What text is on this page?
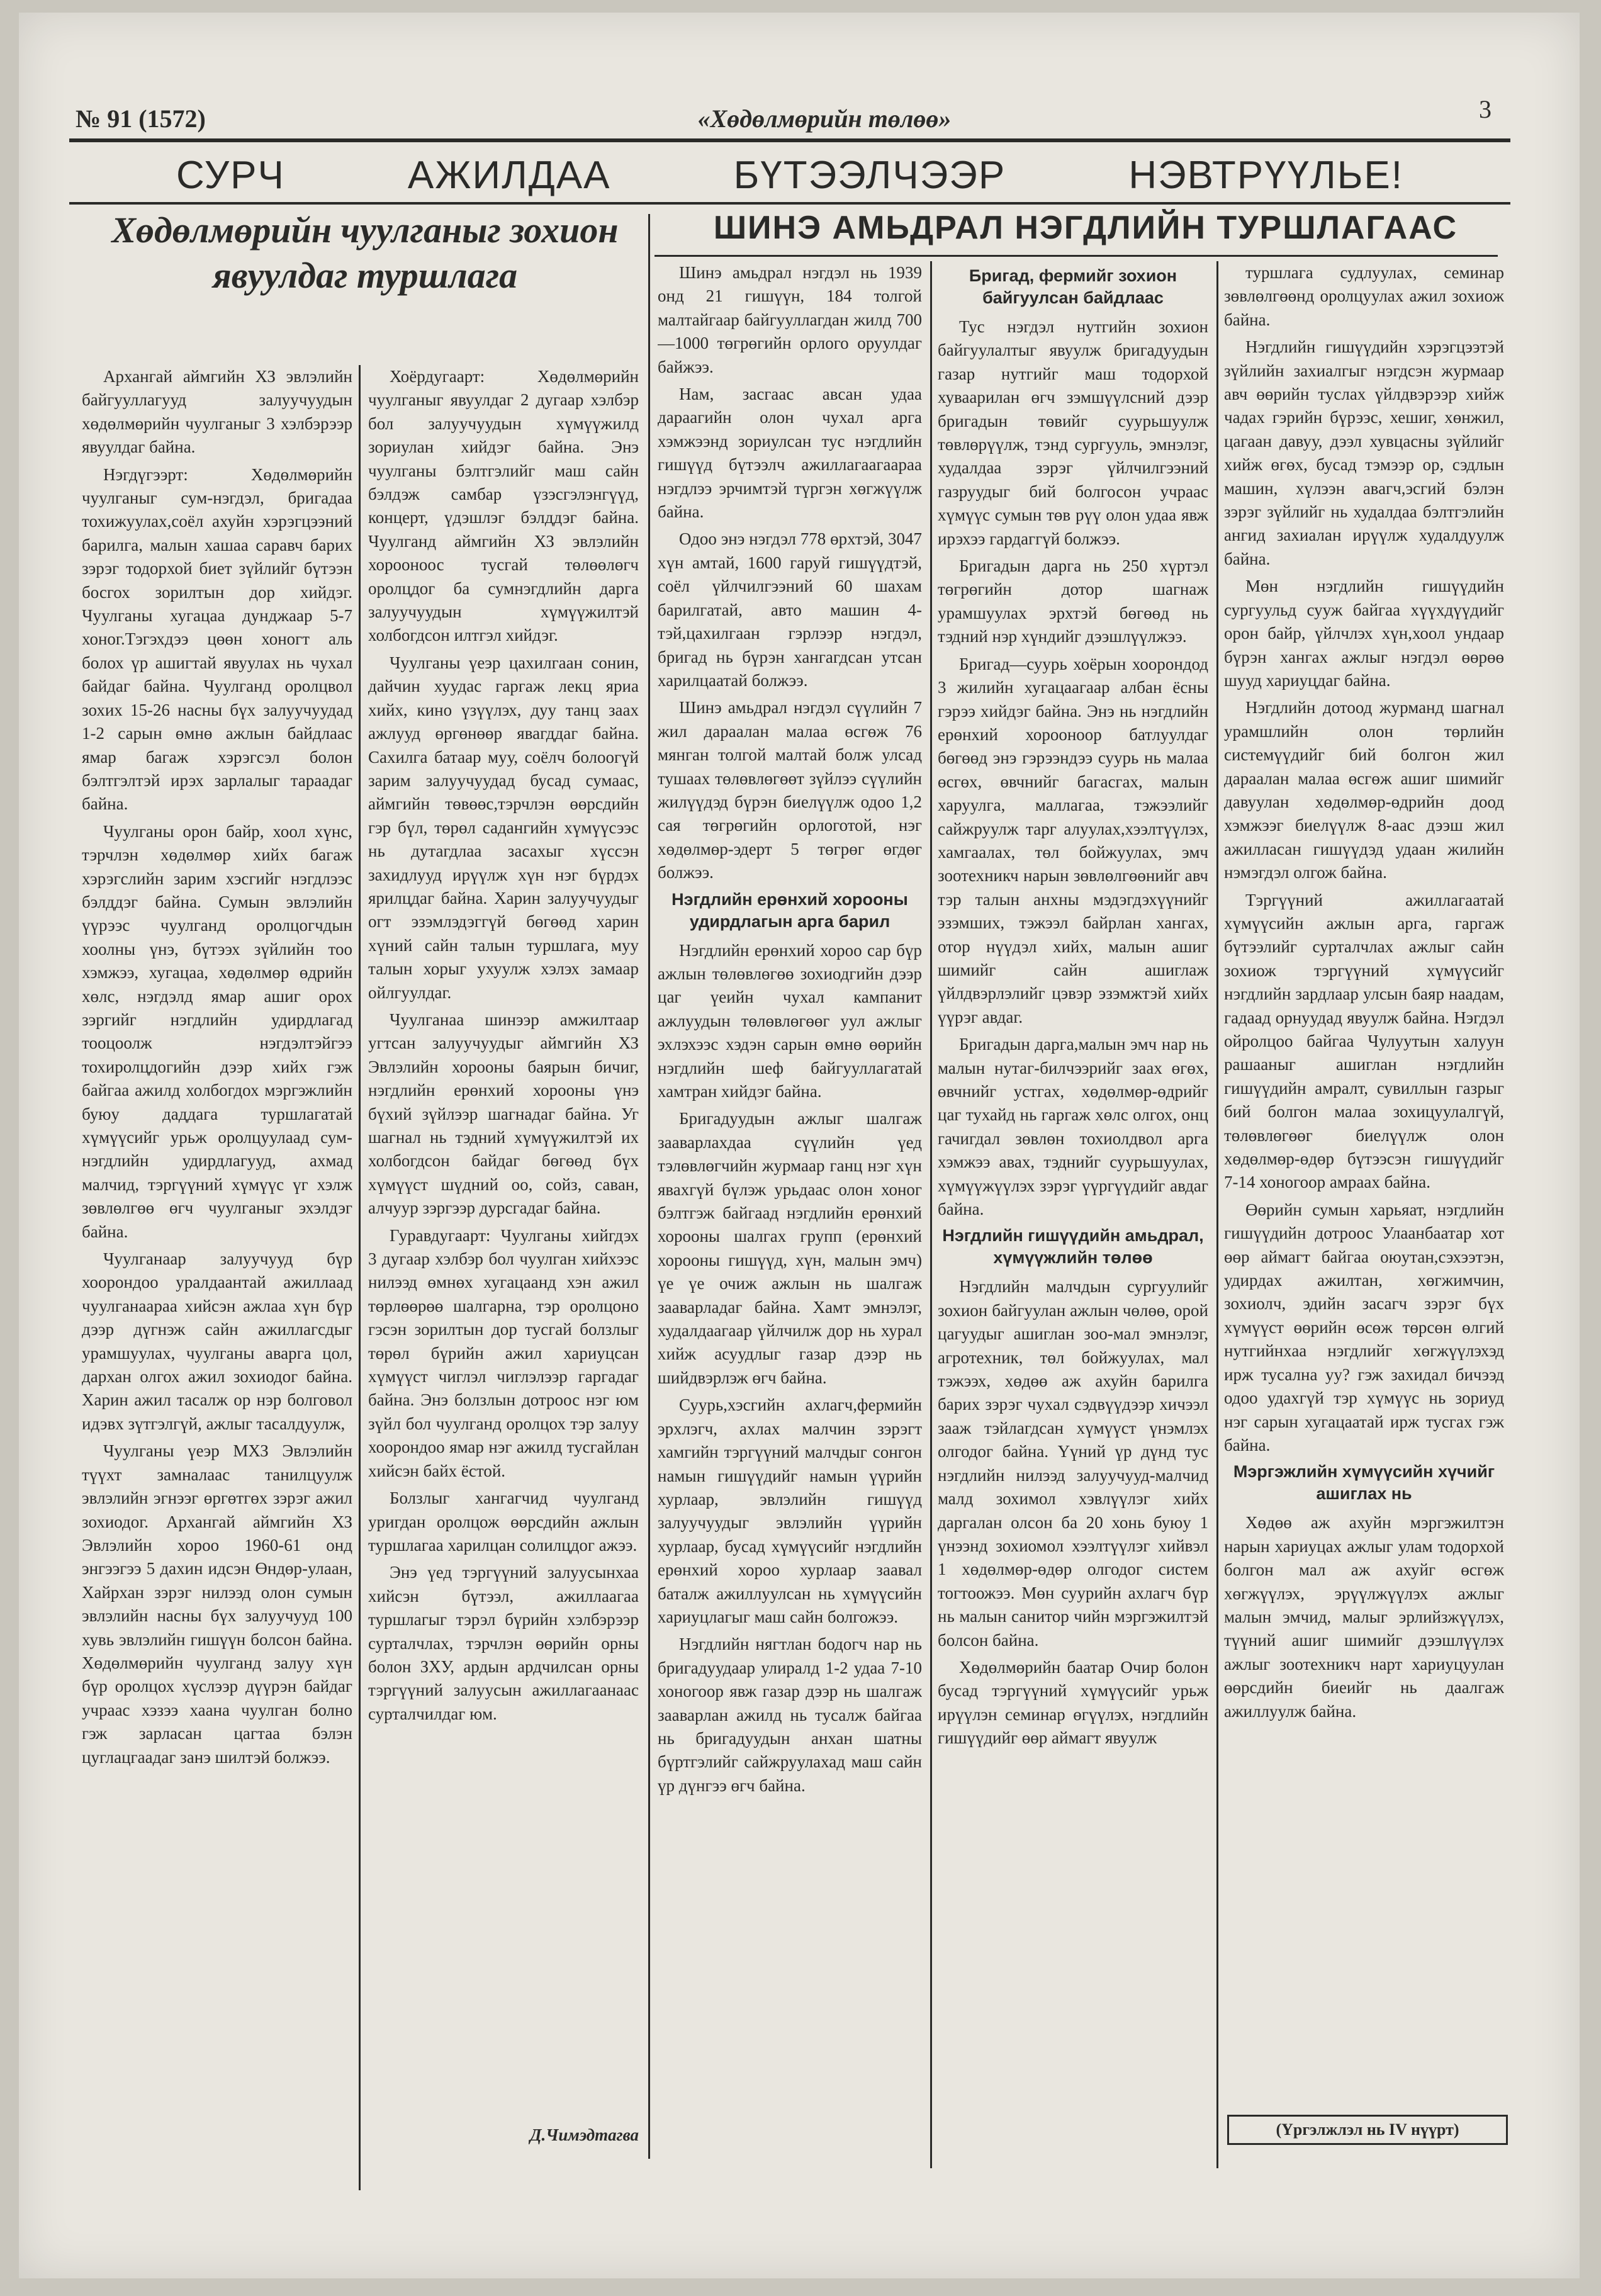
№ 91 (1572)	«Хөдөлмөрийн төлөө»	3
СУРЧ	АЖИЛДАА	БҮТЭЭЛЧЭЭР	НЭВТРҮҮЛЬЕ!
Хөдөлмөрийн чуулганыг зохион явуулдаг туршлага

Архангай аймгийн ХЗ эвлэлийн байгууллагууд залуучуудын хөдөлмөрийн чуулганыг 3 хэлбэрээр явуулдаг байна.

Нэгдүгээрт: Хөдөлмөрийн чуулганыг сум-нэгдэл, бригадаа тохижуулах,соёл ахуйн хэрэгцээний барилга, малын хашаа саравч барих зэрэг тодорхой биет зүйлийг бүтээн босгох зорилтын дор хийдэг. Чуулганы хугацаа дунджаар 5-7 хоног.Тэгэхдээ цөөн хоногт аль болох үр ашигтай явуулах нь чухал байдаг байна. Чуулганд оролцвол зохих 15-26 насны бүх залуучуудад 1-2 сарын өмнө ажлын байдлаас ямар багаж хэрэгсэл болон бэлтгэлтэй ирэх зарлалыг тараадаг байна.

Чуулганы орон байр, хоол хүнс, тэрчлэн хөдөлмөр хийх багаж хэрэгслийн зарим хэсгийг нэгдлээс бэлддэг байна. Сумын эвлэлийн үүрээс чуулганд оролцогчдын хоолны үнэ, бүтээх зүйлийн тоо хэмжээ, хугацаа, хөдөлмөр өдрийн хөлс, нэгдэлд ямар ашиг орох зэргийг нэгдлийн удирдлагад тооцоолж нэгдэлтэйгээ тохиролцдогийн дээр хийх гэж байгаа ажилд холбогдох мэргэжлийн буюу даддага туршлагатай хүмүүсийг урьж оролцуулаад сум-нэгдлийн удирдлагууд, ахмад малчид, тэргүүний хүмүүс үг хэлж зөвлөлгөө өгч чуулганыг эхэлдэг байна.

Чуулганаар залуучууд бүр хоорондоо уралдаантай ажиллаад чуулганаараа хийсэн ажлаа хүн бүр дээр дүгнэж сайн ажиллагсдыг урамшуулах, чуулганы аварга цол, дархан олгох ажил зохиодог байна. Харин ажил тасалж ор нэр болговол идэвх зүтгэлгүй, ажлыг тасалдуулж,

Чуулганы үеэр МХЗ Эвлэлийн түүхт замналаас танилцуулж эвлэлийн эгнээг өргөтгөх зэрэг ажил зохиодог. Архангай аймгийн ХЗ Эвлэлийн хороо 1960-61 онд энгээгээ 5 дахин идсэн Өндөр-улаан, Хайрхан зэрэг нилээд олон сумын эвлэлийн насны бүх залуучууд 100 хувь эвлэлийн гишүүн болсон байна. Хөдөлмөрийн чуулганд залуу хүн бүр оролцох хүслээр дүүрэн байдаг учраас хэзээ хаана чуулган болно гэж зарласан цагтаа бэлэн цуглацгаадаг занэ шилтэй болжээ.

Хоёрдугаарт: Хөдөлмөрийн чуулганыг явуулдаг 2 дугаар хэлбэр бол залуучуудын хүмүүжилд зориулан хийдэг байна. Энэ чуулганы бэлтгэлийг маш сайн бэлдэж самбар үзэсгэлэнгүүд, концерт, үдэшлэг бэлддэг байна. Чуулганд аймгийн ХЗ эвлэлийн хорооноос тусгай төлөөлөгч оролцдог ба сумнэгдлийн дарга залуучуудын хүмүүжилтэй холбогдсон илтгэл хийдэг.

Чуулганы үеэр цахилгаан сонин, дайчин хуудас гаргаж лекц яриа хийх, кино үзүүлэх, дуу танц заах ажлууд өргөнөөр явагддаг байна. Сахилга батаар муу, соёлч болоогүй зарим залуучуудад бусад сумаас, аймгийн төвөөс,тэрчлэн өөрсдийн гэр бүл, төрөл садангийн хүмүүсээс нь дутагдлаа засахыг хүссэн захидлууд ирүүлж хүн нэг бүрдэх ярилцдаг байна. Харин залуучуудыг огт эзэмлэдэггүй бөгөөд харин хүний сайн талын туршлага, муу талын хорыг ухуулж хэлэх замаар ойлгуулдаг.

Чуулганаа шинээр амжилтаар угтсан залуучуудыг аймгийн ХЗ Эвлэлийн хорооны баярын бичиг, нэгдлийн ерөнхий хорооны үнэ бүхий зүйлээр шагнадаг байна. Уг шагнал нь тэдний хүмүүжилтэй их холбогдсон байдаг бөгөөд бүх хүмүүст шүдний оо, сойз, саван, алчуур зэргээр дурсгадаг байна.

Гуравдугаарт: Чуулганы хийгдэх 3 дугаар хэлбэр бол чуулган хийхээс нилээд өмнөх хугацаанд хэн ажил төрлөөрөө шалгарна, тэр оролцоно гэсэн зорилтын дор тусгай болзлыг төрөл бүрийн ажил хариуцсан хүмүүст чиглэл чиглэлээр гаргадаг байна. Энэ болзлын дотроос нэг юм зүйл бол чуулганд оролцох тэр залуу хоорондоо ямар нэг ажилд тусгайлан хийсэн байх ёстой.

Болзлыг хангагчид чуулганд уригдан оролцож өөрсдийн ажлын туршлагаа харилцан солилцдог ажээ.

Энэ үед тэргүүний залуусынхаа хийсэн бүтээл, ажиллаагаа туршлагыг тэрэл бүрийн хэлбэрээр сурталчлах, тэрчлэн өөрийн орны болон ЗХУ, ардын ардчилсан орны тэргүүний залуусын ажиллагаанаас сурталчилдаг юм.

Д.Чимэдтагва

ШИНЭ АМЬДРАЛ НЭГДЛИЙН ТУРШЛАГААС

Шинэ амьдрал нэгдэл нь 1939 онд 21 гишүүн, 184 толгой малтайгаар байгууллагдан жилд 700—1000 төгрөгийн орлого оруулдаг байжээ.

Нам, засгаас авсан удаа дараагийн олон чухал арга хэмжээнд зориулсан тус нэгдлийн гишүүд бүтээлч ажиллагаагаараа нэгдлээ эрчимтэй түргэн хөгжүүлж байна.

Одоо энэ нэгдэл 778 өрхтэй, 3047 хүн амтай, 1600 гаруй гишүүдтэй, соёл үйлчилгээний 60 шахам барилгатай, авто машин 4-тэй,цахилгаан гэрлээр нэгдэл, бригад нь бүрэн хангагдсан утсан харилцаатай болжээ.

Шинэ амьдрал нэгдэл сүүлийн 7 жил дараалан малаа өсгөж 76 мянган толгой малтай болж улсад тушаах төлөвлөгөөт зүйлээ сүүлийн жилүүдэд бүрэн биелүүлж одоо 1,2 сая төгрөгийн орлоготой, нэг хөдөлмөр-эдерт 5 төгрөг өгдөг болжээ.

Нэгдлийн ерөнхий хорооны удирдлагын арга барил

Нэгдлийн ерөнхий хороо сар бүр ажлын төлөвлөгөө зохиодгийн дээр цаг үеийн чухал кампанит ажлуудын төлөвлөгөөг уул ажлыг эхлэхээс хэдэн сарын өмнө өөрийн нэгдлийн шеф байгууллагатай хамтран хийдэг байна.

Бригадуудын ажлыг шалгаж зааварлахдаа сүүлийн үед тэлөвлөгчийн журмаар ганц нэг хүн явахгүй бүлэж урьдаас олон хоног бэлтгэж байгаад нэгдлийн ерөнхий хорооны шалгах групп (ерөнхий хорооны гишүүд, хүн, малын эмч) үе үе очиж ажлын нь шалгаж зааварладаг байна. Хамт эмнэлэг, худалдаагаар үйлчилж дор нь хурал хийж асуудлыг газар дээр нь шийдвэрлэж өгч байна.

Суурь,хэсгийн ахлагч,фермийн эрхлэгч, ахлах малчин зэрэгт хамгийн тэргүүний малчдыг сонгон намын гишүүдийг намын үүрийн хурлаар, эвлэлийн гишүүд залуучуудыг эвлэлийн үүрийн хурлаар, бусад хүмүүсийг нэгдлийн ерөнхий хороо хурлаар заавал баталж ажиллуулсан нь хүмүүсийн хариуцлагыг маш сайн болгожээ.

Нэгдлийн нягтлан бодогч нар нь бригадуудаар улиралд 1-2 удаа 7-10 хоногоор явж газар дээр нь шалгаж зааварлан ажилд нь тусалж байгаа нь бригадуудын анхан шатны бүртгэлийг сайжруулахад маш сайн үр дүнгээ өгч байна.

Бригад, фермийг зохион байгуулсан байдлаас

Тус нэгдэл нутгийн зохион байгуулалтыг явуулж бригадуудын газар нутгийг маш тодорхой хуваарилан өгч зэмшүүлсний дээр бригадын төвийг суурьшуулж төвлөрүүлж, тэнд сургууль, эмнэлэг, худалдаа зэрэг үйлчилгээний газруудыг бий болгосон учраас хүмүүс сумын төв рүү олон удаа явж ирэхээ гардаггүй болжээ.

Бригадын дарга нь 250 хүртэл төгрөгийн дотор шагнаж урамшуулах эрхтэй бөгөөд нь тэдний нэр хүндийг дээшлүүлжээ.

Бригад—суурь хоёрын хоорондод 3 жилийн хугацаагаар албан ёсны гэрээ хийдэг байна. Энэ нь нэгдлийн ерөнхий хорооноор батлуулдаг бөгөөд энэ гэрээндээ суурь нь малаа өсгөх, өвчнийг багасгах, малын харуулга, маллагаа, тэжээлийг сайжруулж тарг алуулах,хээлтүүлэх, хамгаалах, төл бойжуулах, эмч зоотехникч нарын зөвлөлгөөнийг авч тэр талын анхны мэдэгдэхүүнийг эзэмших, тэжээл байрлан хангах, отор нүүдэл хийх, малын ашиг шимийг сайн ашиглаж үйлдвэрлэлийг цэвэр эзэмжтэй хийх үүрэг авдаг.

Бригадын дарга,малын эмч нар нь малын нутаг-билчээрийг заах өгөх, өвчнийг устгах, хөдөлмөр-өдрийг цаг тухайд нь гаргаж хөлс олгох, онц гачигдал зөвлөн тохиолдвол арга хэмжээ авах, тэднийг суурьшуулах, хүмүүжүүлэх зэрэг үүргүүдийг авдаг байна.

Нэгдлийн гишүүдийн амьдрал, хүмүүжлийн төлөө

Нэгдлийн малчдын сургуулийг зохион байгуулан ажлын чөлөө, орой цагуудыг ашиглан зоо-мал эмнэлэг, агротехник, төл бойжуулах, мал тэжээх, хөдөө аж ахуйн барилга барих зэрэг чухал сэдвүүдээр хичээл зааж тэйлагдсан хүмүүст үнэмлэх олгодог байна. Үүний үр дүнд тус нэгдлийн нилээд залуучууд-малчид малд зохимол хэвлүүлэг хийх даргалан олсон ба 20 хонь буюу 1 үнээнд зохиомол хээлтүүлэг хийвэл 1 хөдөлмөр-өдөр олгодог систем тогтоожээ. Мөн суурийн ахлагч бүр нь малын санитор чийн мэргэжилтэй болсон байна.

Хөдөлмөрийн баатар Очир болон бусад тэргүүний хүмүүсийг урьж ирүүлэн семинар өгүүлэх, нэгдлийн гишүүдийг өөр аймагт явуулж

туршлага судлуулах, семинар зөвлөлгөөнд оролцуулах ажил зохиож байна.

Нэгдлийн гишүүдийн хэрэгцээтэй зүйлийн захиалгыг нэгдсэн журмаар авч өөрийн туслах үйлдвэрээр хийж чадах гэрийн бүрээс, хешиг, хөнжил, цагаан давуу, дээл хувцасны зүйлийг хийж өгөх, бусад тэмээр ор, сэдлын машин, хүлээн авагч,эсгий бэлэн зэрэг зүйлийг нь худалдаа бэлтгэлийн ангид захиалан ирүүлж худалдуулж байна.

Мөн нэгдлийн гишүүдийн сургуульд сууж байгаа хүүхдүүдийг орон байр, үйлчлэх хүн,хоол ундаар бүрэн хангах ажлыг нэгдэл өөрөө шууд хариуцдаг байна.

Нэгдлийн дотоод журманд шагнал урамшлийн олон төрлийн системүүдийг бий болгон жил дараалан малаа өсгөж ашиг шимийг давуулан хөдөлмөр-өдрийн доод хэмжээг биелүүлж 8-аас дээш жил ажилласан гишүүдэд удаан жилийн нэмэгдэл олгож байна.

Тэргүүний ажиллагаатай хүмүүсийн ажлын арга, гаргаж бүтээлийг сурталчлах ажлыг сайн зохиож тэргүүний хүмүүсийг нэгдлийн зардлаар улсын баяр наадам, гадаад орнуудад явуулж байна. Нэгдэл ойролцоо байгаа Чулуутын халуун рашааныг ашиглан нэгдлийн гишүүдийн амралт, сувиллын газрыг бий болгон малаа зохицуулалгүй, төлөвлөгөөг биелүүлж олон хөдөлмөр-өдөр бүтээсэн гишүүдийг 7-14 хоногоор амраах байна.

Өөрийн сумын харьяат, нэгдлийн гишүүдийн дотроос Улаанбаатар хот өөр аймагт байгаа оюутан,сэхээтэн, удирдах ажилтан, хөгжимчин, зохиолч, эдийн засагч зэрэг бүх хүмүүст өөрийн өсөж төрсөн өлгий нутгийнхаа нэгдлийг хөгжүүлэхэд ирж тусална уу? гэж захидал бичээд одоо удахгүй тэр хүмүүс нь зориуд нэг сарын хугацаатай ирж тусгах гэж байна.

Мэргэжлийн хүмүүсийн хүчийг ашиглах нь

Хөдөө аж ахуйн мэргэжилтэн нарын хариуцах ажлыг улам тодорхой болгон мал аж ахуйг өсгөж хөгжүүлэх, эрүүлжүүлэх ажлыг малын эмчид, малыг эрлийзжүүлэх, түүний ашиг шимийг дээшлүүлэх ажлыг зоотехникч нарт хариуцуулан өөрсдийн биеийг нь даалгаж ажиллуулж байна.

(Үргэлжлэл нь IV нүүрт)
